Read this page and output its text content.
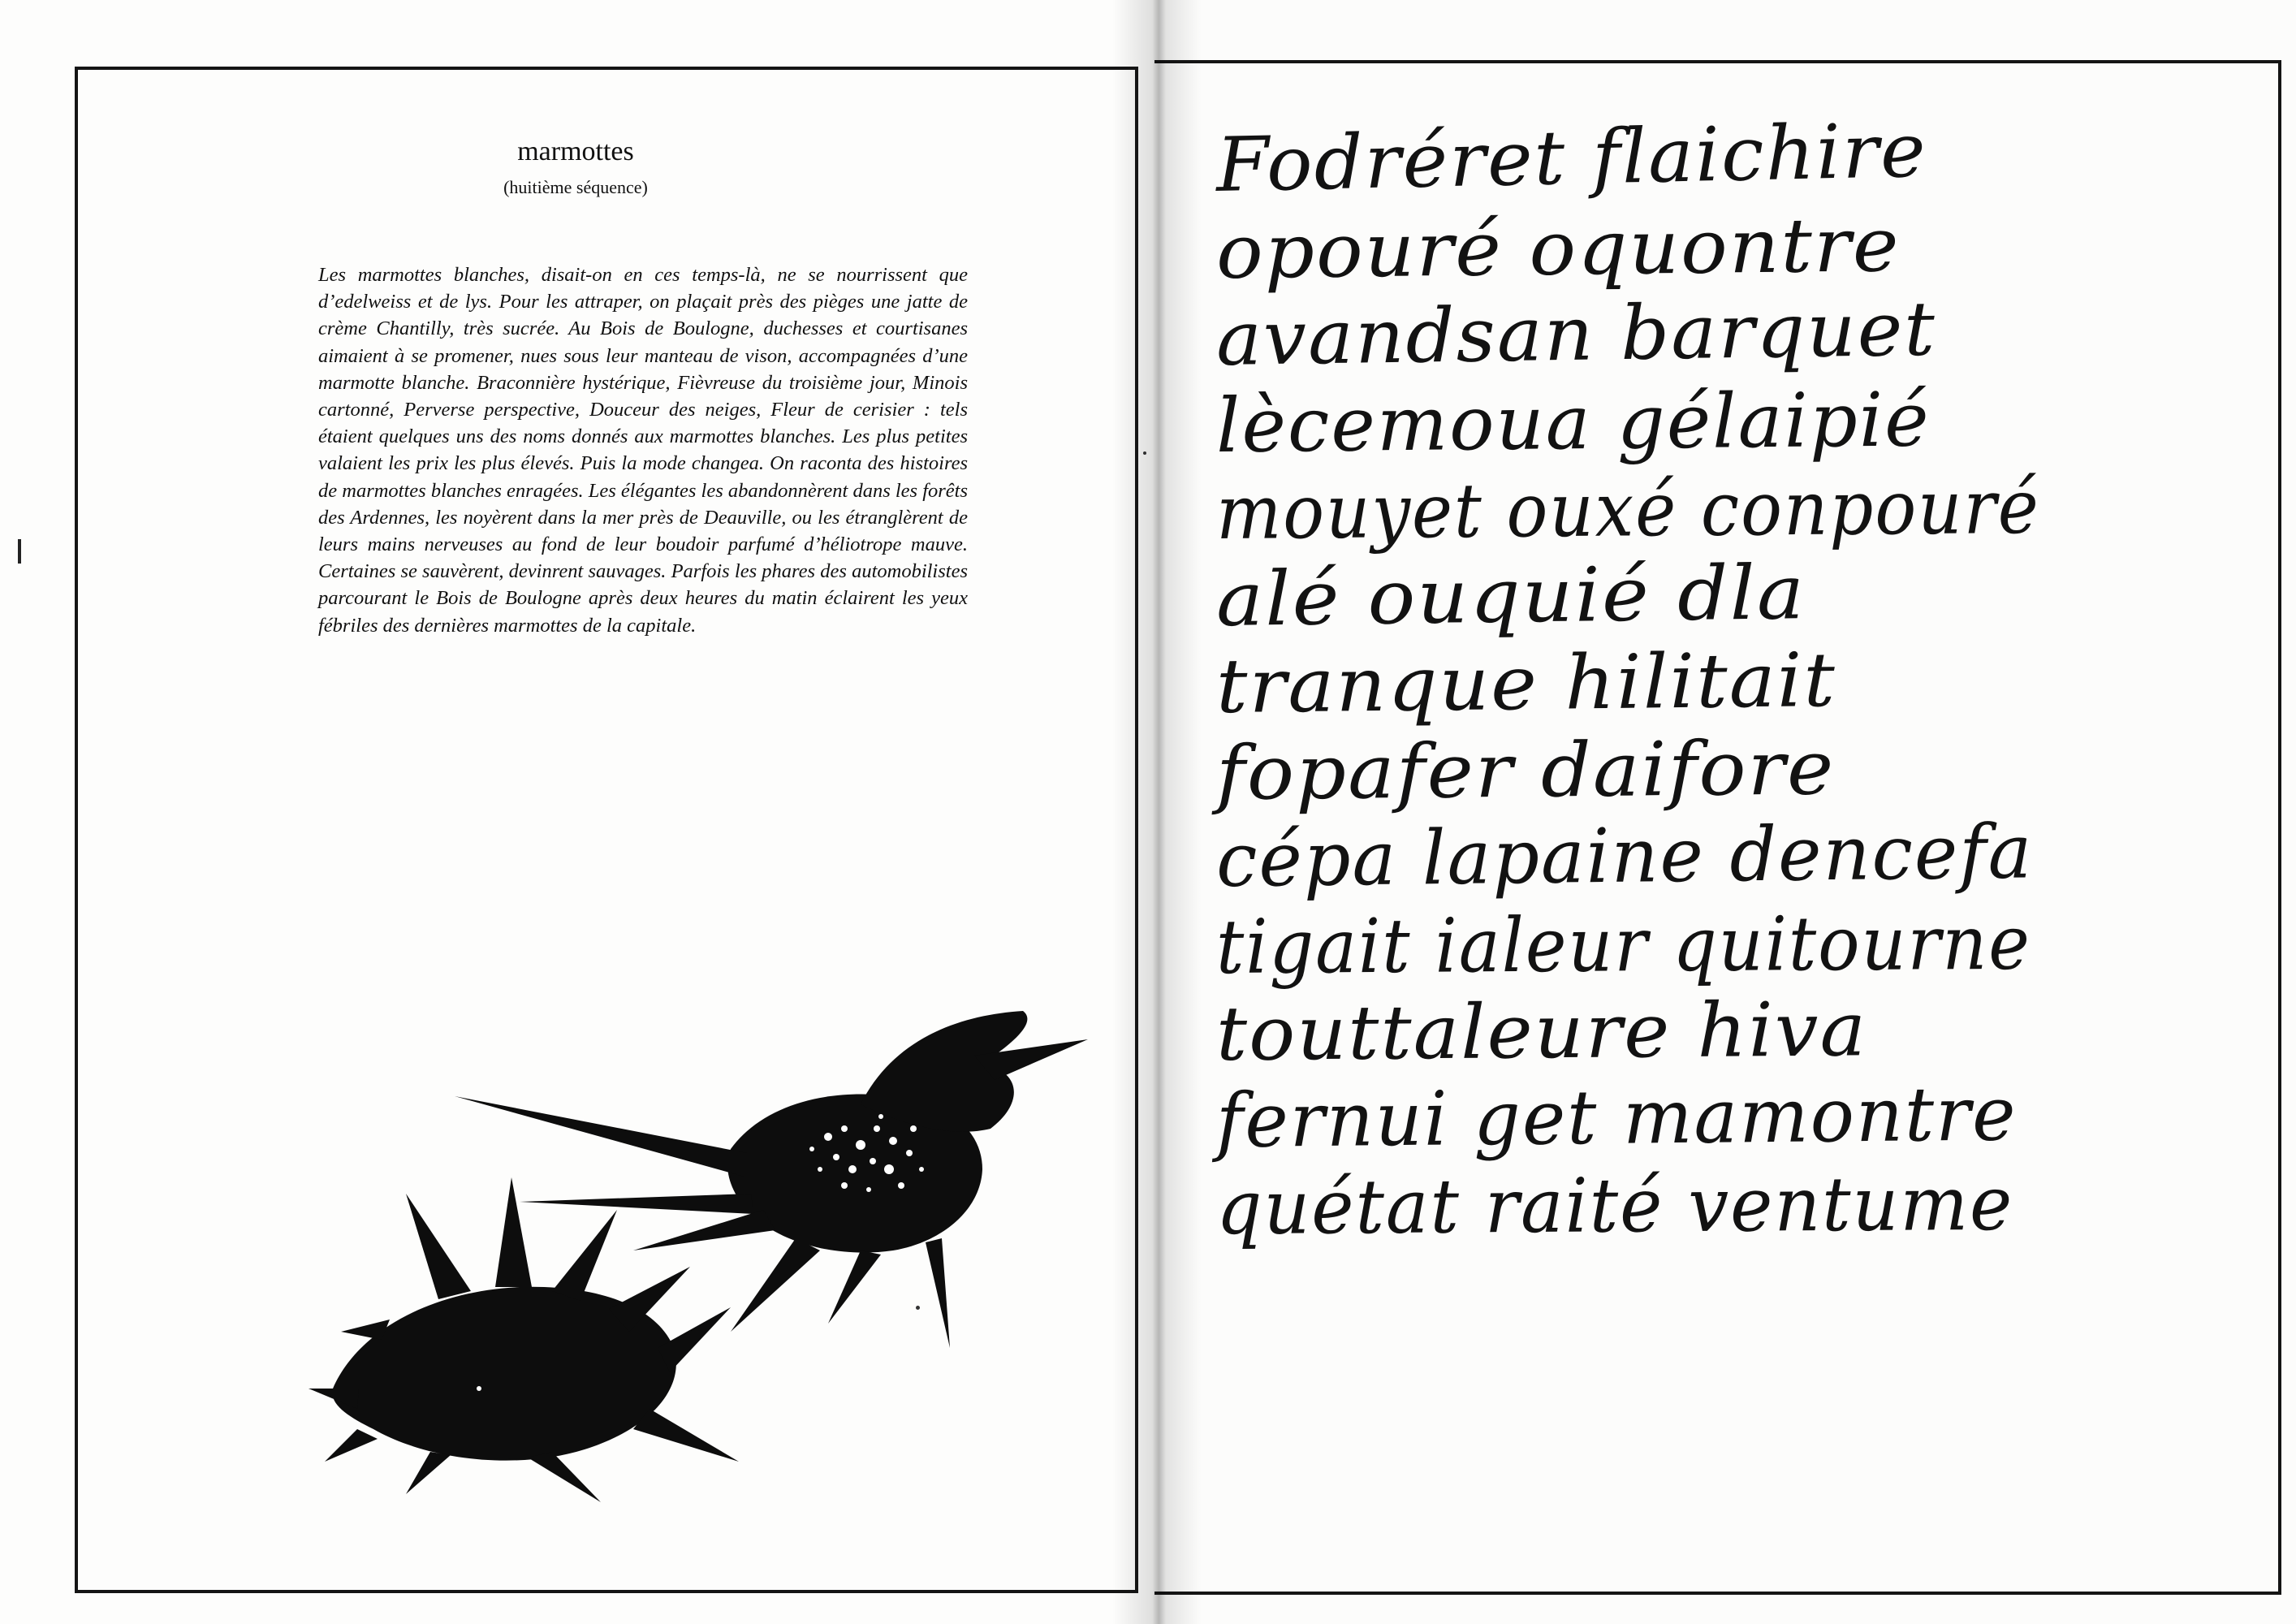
marmottes
(huitième séquence)

Les marmottes blanches, disait-on en ces temps-là, ne se nourrissent que d’edelweiss et de lys. Pour les attraper, on plaçait près des pièges une jatte de crème Chantilly, très sucrée. Au Bois de Boulogne, duchesses et courtisanes aimaient à se promener, nues sous leur manteau de vison, accompagnées d’une marmotte blanche. Braconnière hystérique, Fièvreuse du troisième jour, Minois cartonné, Perverse perspective, Douceur des neiges, Fleur de cerisier : tels étaient quelques uns des noms donnés aux marmottes blanches. Les plus petites valaient les prix les plus élevés. Puis la mode changea. On raconta des histoires de marmottes blanches enragées. Les élégantes les abandonnèrent dans les forêts des Ardennes, les noyèrent dans la mer près de Deauville, ou les étranglèrent de leurs mains nerveuses au fond de leur boudoir parfumé d’héliotrope mauve. Certaines se sauvèrent, devinrent sauvages. Parfois les phares des automobilistes parcourant le Bois de Boulogne après deux heures du matin éclairent les yeux fébriles des dernières marmottes de la capitale.

Fodréret flaichire
opouré oquontre
avandsan barquet
lècemoua gélaipié
mouyet ouxé conpouré
alé ouquié dla
tranque hilitait
fopafer daifore
cépa lapaine dencefa
tigait ialeur quitourne
touttaleure hiva
fernui get mamontre
quétat raité ventume
